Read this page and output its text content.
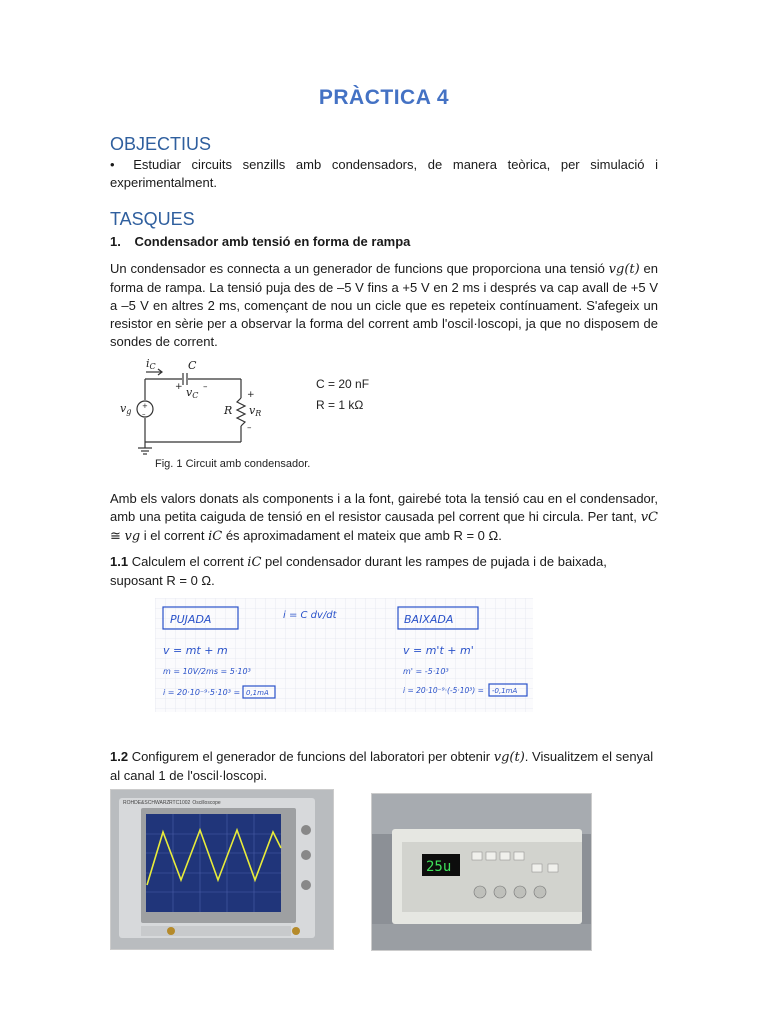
PRÀCTICA 4
OBJECTIUS
• Estudiar circuits senzills amb condensadors, de manera teòrica, per simulació i experimentalment.
TASQUES
1. Condensador amb tensió en forma de rampa
Un condensador es connecta a un generador de funcions que proporciona una tensió vg(t) en forma de rampa. La tensió puja des de –5 V fins a +5 V en 2 ms i després va cap avall de +5 V a –5 V en altres 2 ms, començant de nou un cicle que es repeteix contínuament. S'afegeix un resistor en sèrie per a observar la forma del corrent amb l'oscil·loscopi, ja que no disposem de sondes de corrent.
iC	C
vC
vg	R vR
+ –
+
–
+
–
C = 20 nF
R = 1 kΩ
Fig. 1 Circuit amb condensador.
Amb els valors donats als components i a la font, gairebé tota la tensió cau en el condensador, amb una petita caiguda de tensió en el resistor causada pel corrent que hi circula. Per tant, vC ≅ vg i el corrent iC és aproximadament el mateix que amb R = 0 Ω.
1.1 Calculem el corrent iC pel condensador durant les rampes de pujada i de baixada, suposant R = 0 Ω.
PUJADA	BAIXADA
i = C dv/dt
v = mt + m
m = 10V/2ms = 5·10³
i = 20·10⁻⁹·5·10³ = 0,1mA
v = m't + m'
m' = -5·10³
i = 20·10⁻⁹·(-5·10³) = -0,1mA
1.2 Configurem el generador de funcions del laboratori per obtenir vg(t). Visualitzem el senyal al canal 1 de l'oscil·loscopi.
ROHDE&SCHWARZ RTC1002 Oscilloscope
25u
